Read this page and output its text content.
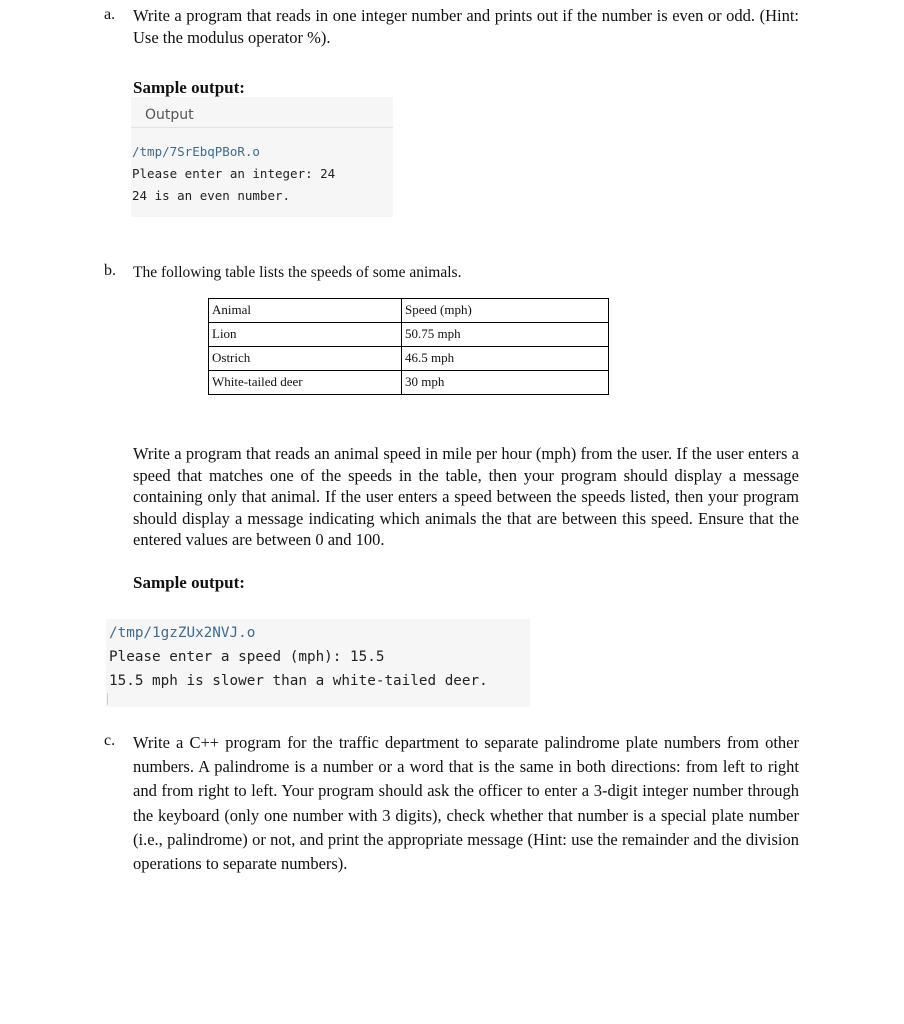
a. Write a program that reads in one integer number and prints out if the number is even or odd. (Hint: Use the modulus operator %).
Sample output:
Output
/tmp/7SrEbqPBoR.o
Please enter an integer: 24
24 is an even number.
b. The following table lists the speeds of some animals.
Animal	Speed (mph)
Lion	50.75 mph
Ostrich	46.5 mph
White-tailed deer	30 mph
Write a program that reads an animal speed in mile per hour (mph) from the user. If the user enters a speed that matches one of the speeds in the table, then your program should display a message containing only that animal. If the user enters a speed between the speeds listed, then your program should display a message indicating which animals the that are between this speed. Ensure that the entered values are between 0 and 100.
Sample output:
/tmp/1gzZUx2NVJ.o
Please enter a speed (mph): 15.5
15.5 mph is slower than a white-tailed deer.
c. Write a C++ program for the traffic department to separate palindrome plate numbers from other numbers. A palindrome is a number or a word that is the same in both directions: from left to right and from right to left. Your program should ask the officer to enter a 3-digit integer number through the keyboard (only one number with 3 digits), check whether that number is a special plate number (i.e., palindrome) or not, and print the appropriate message (Hint: use the remainder and the division operations to separate numbers).
